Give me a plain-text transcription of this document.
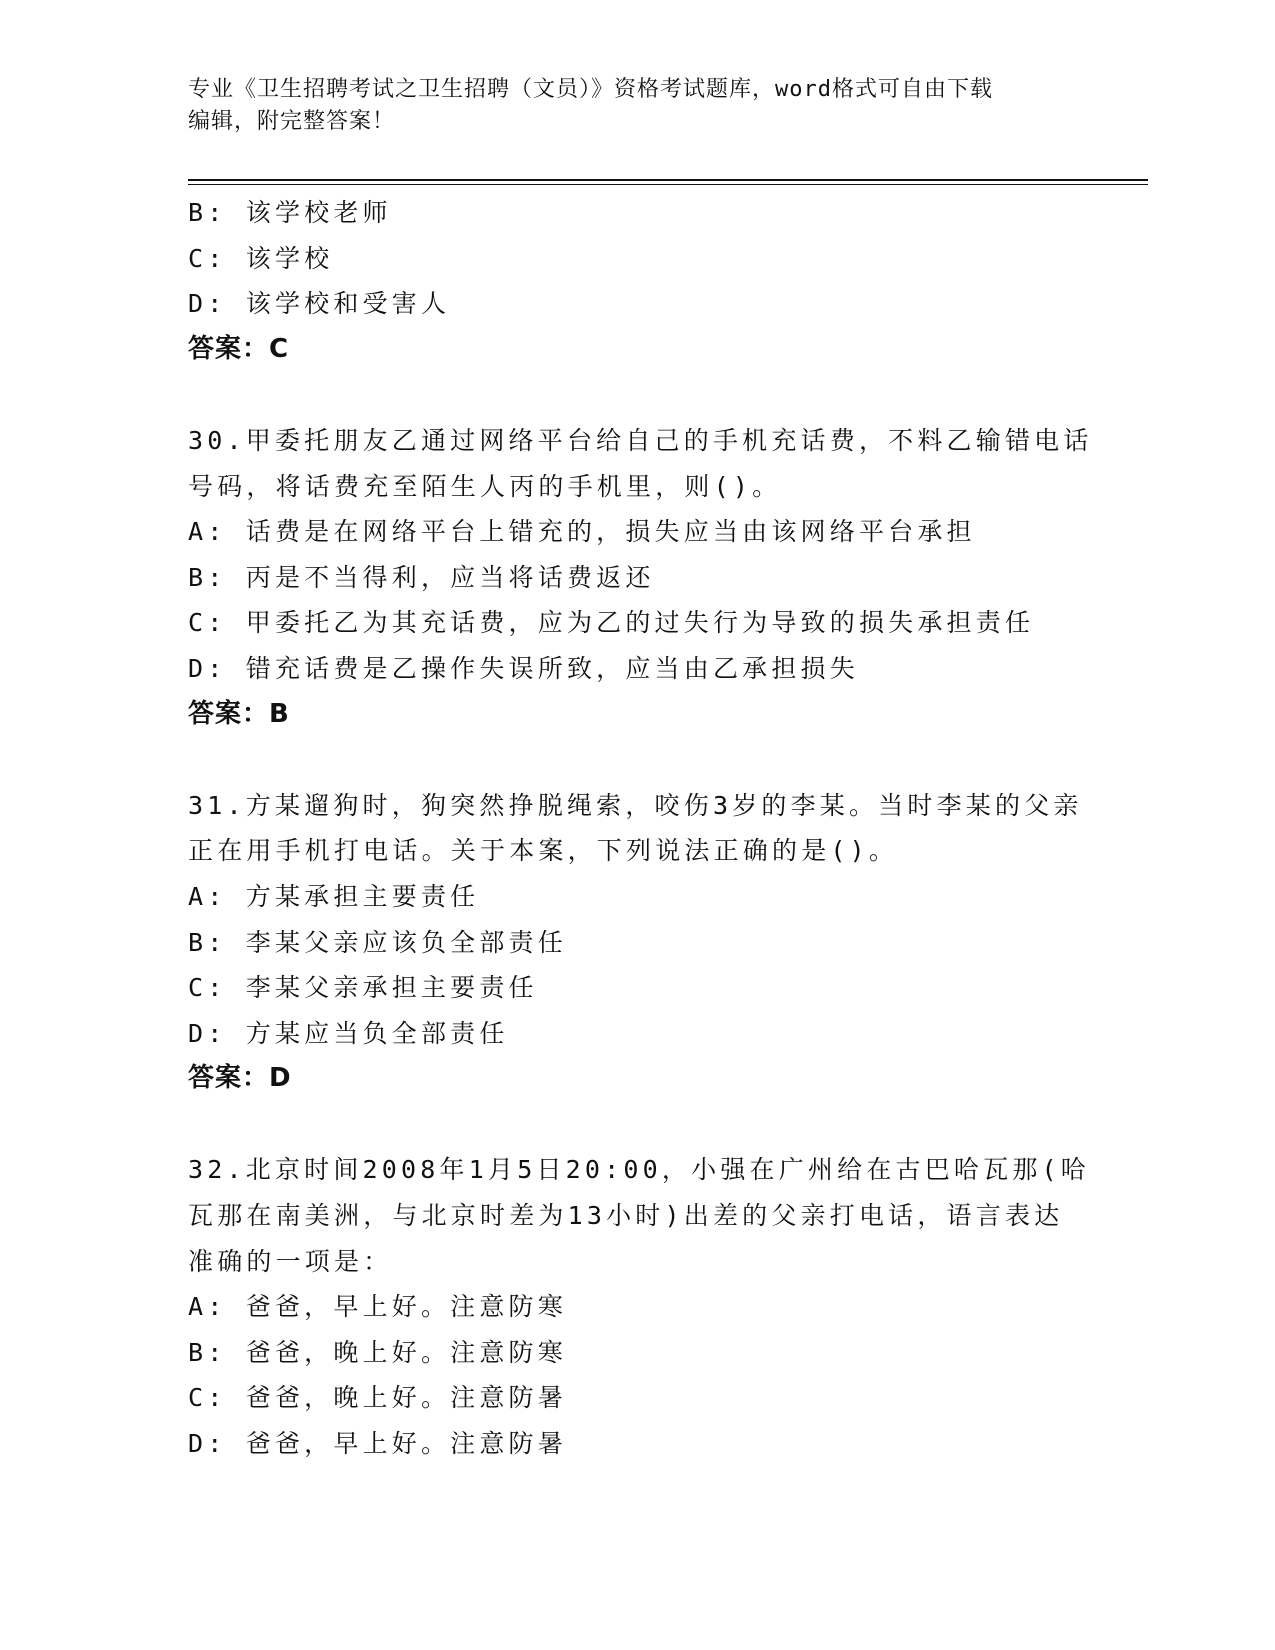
专业《卫生招聘考试之卫生招聘（文员）》资格考试题库，word格式可自由下载
编辑，附完整答案！
B: 该学校老师
C: 该学校
D: 该学校和受害人
答案：C
30.甲委托朋友乙通过网络平台给自己的手机充话费，不料乙输错电话
号码，将话费充至陌生人丙的手机里，则()。
A: 话费是在网络平台上错充的，损失应当由该网络平台承担
B: 丙是不当得利，应当将话费返还
C: 甲委托乙为其充话费，应为乙的过失行为导致的损失承担责任
D: 错充话费是乙操作失误所致，应当由乙承担损失
答案：B
31.方某遛狗时，狗突然挣脱绳索，咬伤3岁的李某。当时李某的父亲
正在用手机打电话。关于本案，下列说法正确的是()。
A: 方某承担主要责任
B: 李某父亲应该负全部责任
C: 李某父亲承担主要责任
D: 方某应当负全部责任
答案：D
32.北京时间2008年1月5日20:00，小强在广州给在古巴哈瓦那(哈
瓦那在南美洲，与北京时差为13小时)出差的父亲打电话，语言表达
准确的一项是：
A: 爸爸，早上好。注意防寒
B: 爸爸，晚上好。注意防寒
C: 爸爸，晚上好。注意防暑
D: 爸爸，早上好。注意防暑
